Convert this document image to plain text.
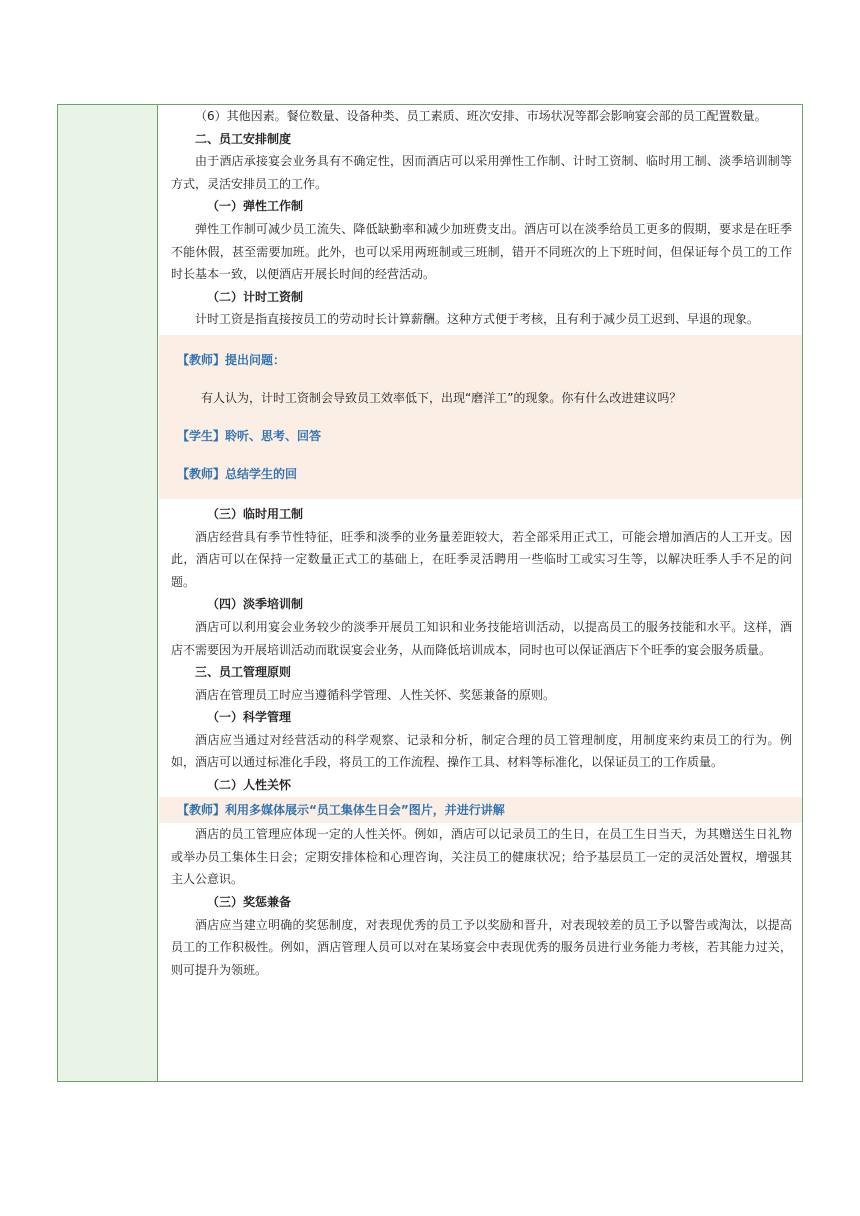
（6）其他因素。餐位数量、设备种类、员工素质、班次安排、市场状况等都会影响宴会部的员工配置数量。

二、员工安排制度

由于酒店承接宴会业务具有不确定性，因而酒店可以采用弹性工作制、计时工资制、临时用工制、淡季培训制等方式，灵活安排员工的工作。

（一）弹性工作制

弹性工作制可减少员工流失、降低缺勤率和减少加班费支出。酒店可以在淡季给员工更多的假期，要求是在旺季不能休假，甚至需要加班。此外，也可以采用两班制或三班制，错开不同班次的上下班时间，但保证每个员工的工作时长基本一致，以便酒店开展长时间的经营活动。

（二）计时工资制

计时工资是指直接按员工的劳动时长计算薪酬。这种方式便于考核，且有利于减少员工迟到、早退的现象。

【教师】提出问题：
有人认为，计时工资制会导致员工效率低下，出现“磨洋工”的现象。你有什么改进建议吗？
【学生】聆听、思考、回答
【教师】总结学生的回

（三）临时用工制

酒店经营具有季节性特征，旺季和淡季的业务量差距较大，若全部采用正式工，可能会增加酒店的人工开支。因此，酒店可以在保持一定数量正式工的基础上，在旺季灵活聘用一些临时工或实习生等，以解决旺季人手不足的问题。

（四）淡季培训制

酒店可以利用宴会业务较少的淡季开展员工知识和业务技能培训活动，以提高员工的服务技能和水平。这样，酒店不需要因为开展培训活动而耽误宴会业务，从而降低培训成本，同时也可以保证酒店下个旺季的宴会服务质量。

三、员工管理原则

酒店在管理员工时应当遵循科学管理、人性关怀、奖惩兼备的原则。

（一）科学管理

酒店应当通过对经营活动的科学观察、记录和分析，制定合理的员工管理制度，用制度来约束员工的行为。例如，酒店可以通过标准化手段，将员工的工作流程、操作工具、材料等标准化，以保证员工的工作质量。

（二）人性关怀

【教师】利用多媒体展示“员工集体生日会”图片，并进行讲解

酒店的员工管理应体现一定的人性关怀。例如，酒店可以记录员工的生日，在员工生日当天，为其赠送生日礼物或举办员工集体生日会；定期安排体检和心理咨询，关注员工的健康状况；给予基层员工一定的灵活处置权，增强其主人公意识。

（三）奖惩兼备

酒店应当建立明确的奖惩制度，对表现优秀的员工予以奖励和晋升，对表现较差的员工予以警告或淘汰，以提高员工的工作积极性。例如，酒店管理人员可以对在某场宴会中表现优秀的服务员进行业务能力考核，若其能力过关，则可提升为领班。
